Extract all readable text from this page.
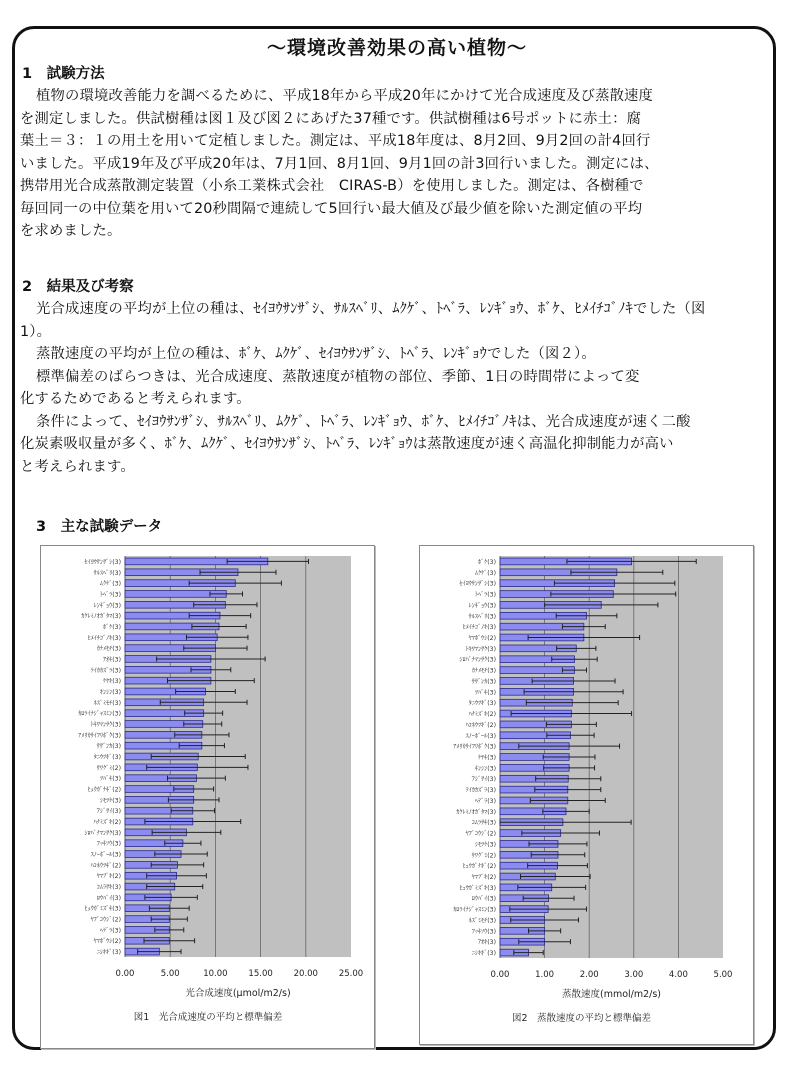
～環境改善効果の高い植物～
1　試験方法
植物の環境改善能力を調べるために、平成18年から平成20年にかけて光合成速度及び蒸散速度
を測定しました。供試樹種は図１及び図２にあげた37種です。供試樹種は6号ポットに赤土：腐
葉土＝３：１の用土を用いて定植しました。測定は、平成18年度は、8月2回、9月2回の計4回行
いました。平成19年及び平成20年は、7月1回、8月1回、9月1回の計3回行いました。測定には、
携帯用光合成蒸散測定装置（小糸工業株式会社　CIRAS-B）を使用しました。測定は、各樹種で
毎回同一の中位葉を用いて20秒間隔で連続して5回行い最大値及び最少値を除いた測定値の平均
を求めました。
2　結果及び考察
光合成速度の平均が上位の種は、ｾｲﾖｳｻﾝｻﾞｼ、ｻﾙｽﾍﾞﾘ、ﾑｸｹﾞ、ﾄﾍﾞﾗ、ﾚﾝｷﾞｮｳ、ﾎﾞｹ、ﾋﾒｲﾁｺﾞﾉｷでした（図
1）。
蒸散速度の平均が上位の種は、ﾎﾞｹ、ﾑｸｹﾞ、ｾｲﾖｳｻﾝｻﾞｼ、ﾄﾍﾞﾗ、ﾚﾝｷﾞｮｳでした（図２）。
標準偏差のばらつきは、光合成速度、蒸散速度が植物の部位、季節、1日の時間帯によって変
化するためであると考えられます。
条件によって、ｾｲﾖｳｻﾝｻﾞｼ、ｻﾙｽﾍﾞﾘ、ﾑｸｹﾞ、ﾄﾍﾞﾗ、ﾚﾝｷﾞｮｳ、ﾎﾞｹ、ﾋﾒｲﾁｺﾞﾉｷは、光合成速度が速く二酸
化炭素吸収量が多く、ﾎﾞｹ、ﾑｸｹﾞ、ｾｲﾖｳｻﾝｻﾞｼ、ﾄﾍﾞﾗ、ﾚﾝｷﾞｮｳは蒸散速度が速く高温化抑制能力が高い
と考えられます。
3　主な試験データ
0.00	5.00	10.00 15.00 20.00 25.00
ｾｲﾖｳｻﾝｻﾞｼ(3)
ｻﾙｽﾍﾞﾘ(3)
ﾑｸｹﾞ(3)
ﾄﾍﾞﾗ(3)
ﾚﾝｷﾞｮｳ(3)
ｶｸﾚﾐﾉｵｶﾞﾀﾏ(3)
ﾎﾞｹ(3)
ﾋﾒｲﾁｺﾞﾉｷ(3)
ｶﾅﾒﾓﾁ(3)
ｱｵｷ(3)
ﾃｲｶｶｽﾞﾗ(3)
ｹﾔｷ(3)
ｷﾝｼﾝ(3)
ﾈｽﾞﾐﾓﾁ(3)
ｶﾛﾗｲﾅｼﾞｬｽﾐﾝ(3)
ﾄｷﾜﾏﾝｻｸ(3)
ｱﾒﾘｶｻｲﾌﾘﾎﾞｸ(3)
ｻｻﾞﾝｶ(3)
ﾀﾆｳﾂｷﾞ(3)
ｻﾜｸﾞﾐ(2)
ﾂﾊﾞｷ(3)
ﾋｭｳｶﾞﾅｷﾞ(2)
ｼﾓﾂｹ(3)
ｱｼﾞｻｲ(3)
ﾊﾅﾐｽﾞｷ(2)
ｼﾛﾊﾞﾅﾏﾝｻｸ(3)
ﾌｯｷｿｳ(3)
ｽﾉｰﾎﾞｰﾙ(3)
ﾊｺﾈｳﾂｷﾞ(2)
ﾔﾏﾌﾞｷ(2)
ｺﾑﾗｻｷ(3)
ﾛｳﾊﾞｲ(3)
ﾋｭｳｶﾞﾐｽﾞｷ(3)
ﾔﾌﾞｺｳｼﾞ(2)
ﾍﾃﾞﾗ(3)
ﾔﾏﾎﾞｳｼ(2)
ﾆｼｷｷﾞ(3)
光合成速度(μmol/m2/s)
図1　光合成速度の平均と標準偏差
0.00	1.00	2.00	3.00	4.00	5.00
ﾎﾞｹ(3)
ﾑｸｹﾞ(3)
ｾｲﾖｳｻﾝｻﾞｼ(3)
ﾄﾍﾞﾗ(3)
ﾚﾝｷﾞｮｳ(3)
ｻﾙｽﾍﾞﾘ(3)
ﾋﾒｲﾁｺﾞﾉｷ(3)
ﾔﾏﾎﾞｳｼ(2)
ﾄｷﾜﾏﾝｻｸ(3)
ｼﾛﾊﾞﾅﾏﾝｻｸ(3)
ｶﾅﾒﾓﾁ(3)
ｻｻﾞﾝｶ(3)
ﾂﾊﾞｷ(3)
ﾀﾆｳﾂｷﾞ(3)
ﾊﾅﾐｽﾞｷ(2)
ﾊｺﾈｳﾂｷﾞ(2)
ｽﾉｰﾎﾞｰﾙ(3)
ｱﾒﾘｶｻｲﾌﾘﾎﾞｸ(3)
ｹﾔｷ(3)
ｷﾝｼﾝ(3)
ｱｼﾞｻｲ(3)
ﾃｲｶｶｽﾞﾗ(3)
ﾍﾃﾞﾗ(3)
ｶｸﾚﾐﾉｵｶﾞﾀﾏ(3)
ｺﾑﾗｻｷ(3)
ﾔﾌﾞｺｳｼﾞ(2)
ｼﾓﾂｹ(3)
ｻﾜｸﾞﾐ(2)
ﾋｭｳｶﾞﾅｷﾞ(2)
ﾔﾏﾌﾞｷ(2)
ﾋｭｳｶﾞﾐｽﾞｷ(3)
ﾛｳﾊﾞｲ(3)
ｶﾛﾗｲﾅｼﾞｬｽﾐﾝ(3)
ﾈｽﾞﾐﾓﾁ(3)
ﾌｯｷｿｳ(3)
ｱｵｷ(3)
ﾆｼｷｷﾞ(3)
蒸散速度(mmol/m2/s)
図2　蒸散速度の平均と標準偏差
